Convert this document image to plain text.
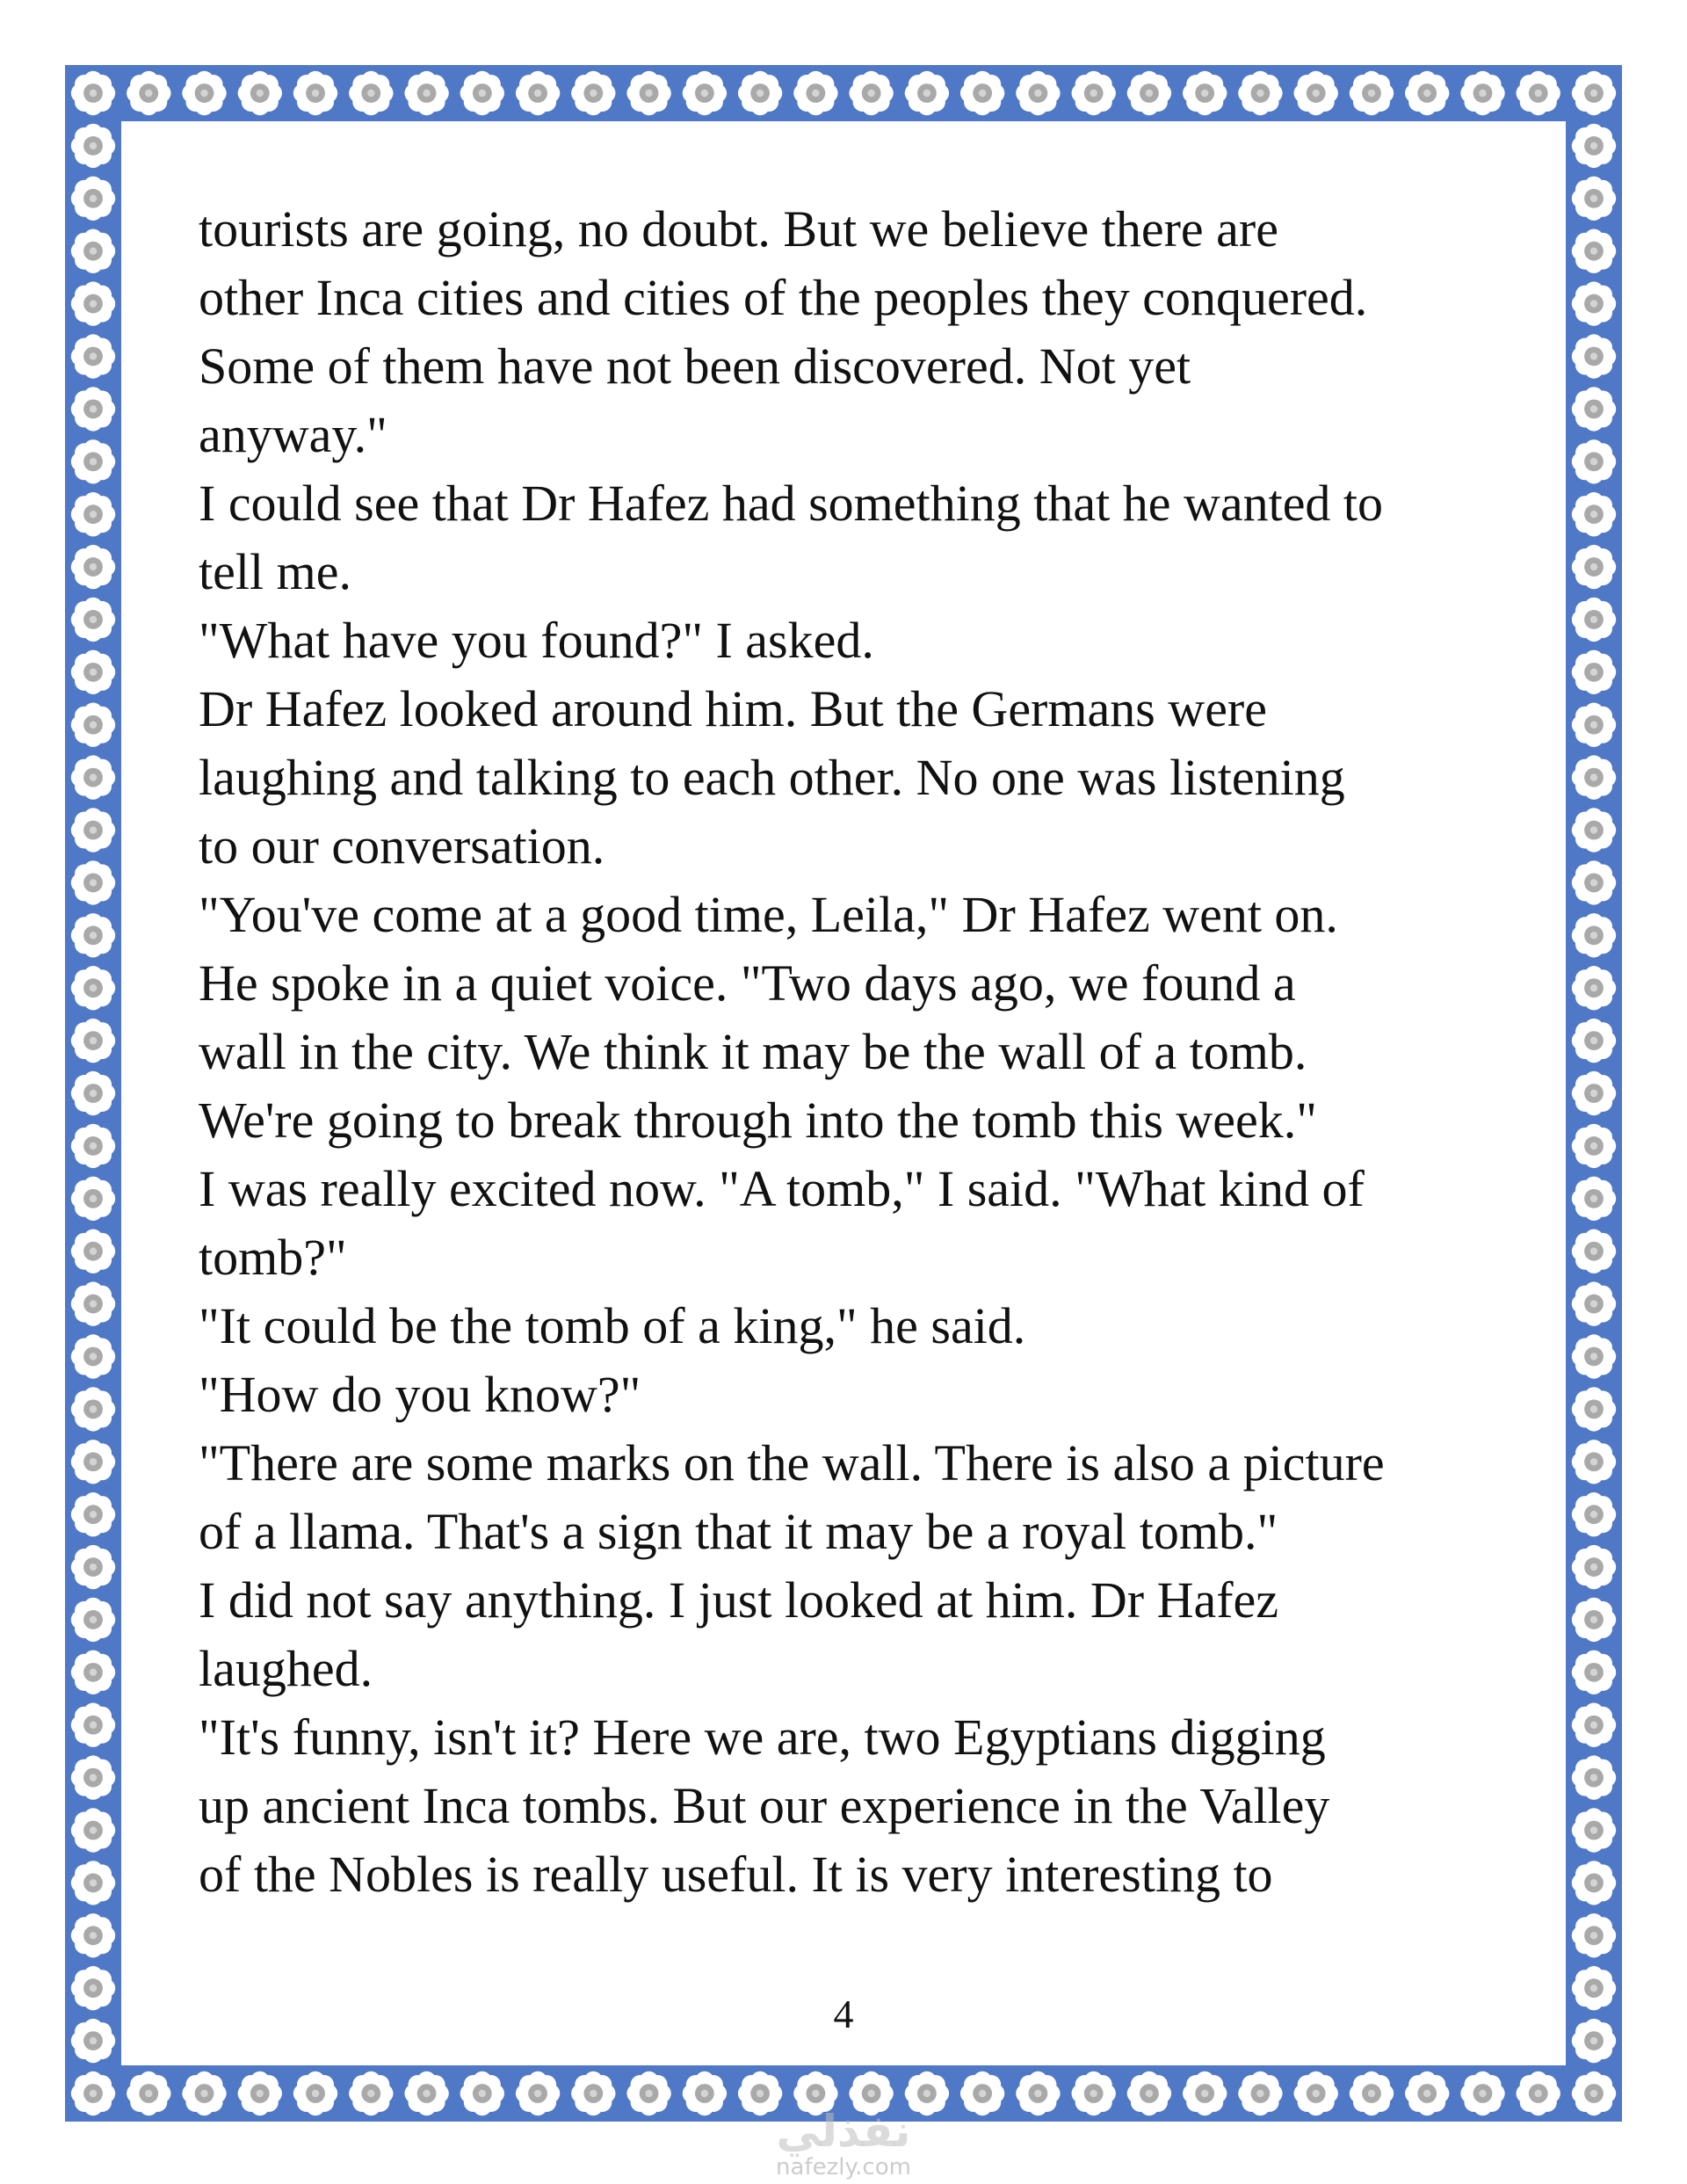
tourists are going, no doubt. But we believe there are
other Inca cities and cities of the peoples they conquered.
Some of them have not been discovered. Not yet
anyway."
I could see that Dr Hafez had something that he wanted to
tell me.
"What have you found?" I asked.
Dr Hafez looked around him. But the Germans were
laughing and talking to each other. No one was listening
to our conversation.
"You've come at a good time, Leila," Dr Hafez went on.
He spoke in a quiet voice. "Two days ago, we found a
wall in the city. We think it may be the wall of a tomb.
We're going to break through into the tomb this week."
I was really excited now. "A tomb," I said. "What kind of
tomb?"
"It could be the tomb of a king," he said.
"How do you know?"
"There are some marks on the wall. There is also a picture
of a llama. That's a sign that it may be a royal tomb."
I did not say anything. I just looked at him. Dr Hafez
laughed.
"It's funny, isn't it? Here we are, two Egyptians digging
up ancient Inca tombs. But our experience in the Valley
of the Nobles is really useful. It is very interesting to
4
نفذلي
nafezly.com
